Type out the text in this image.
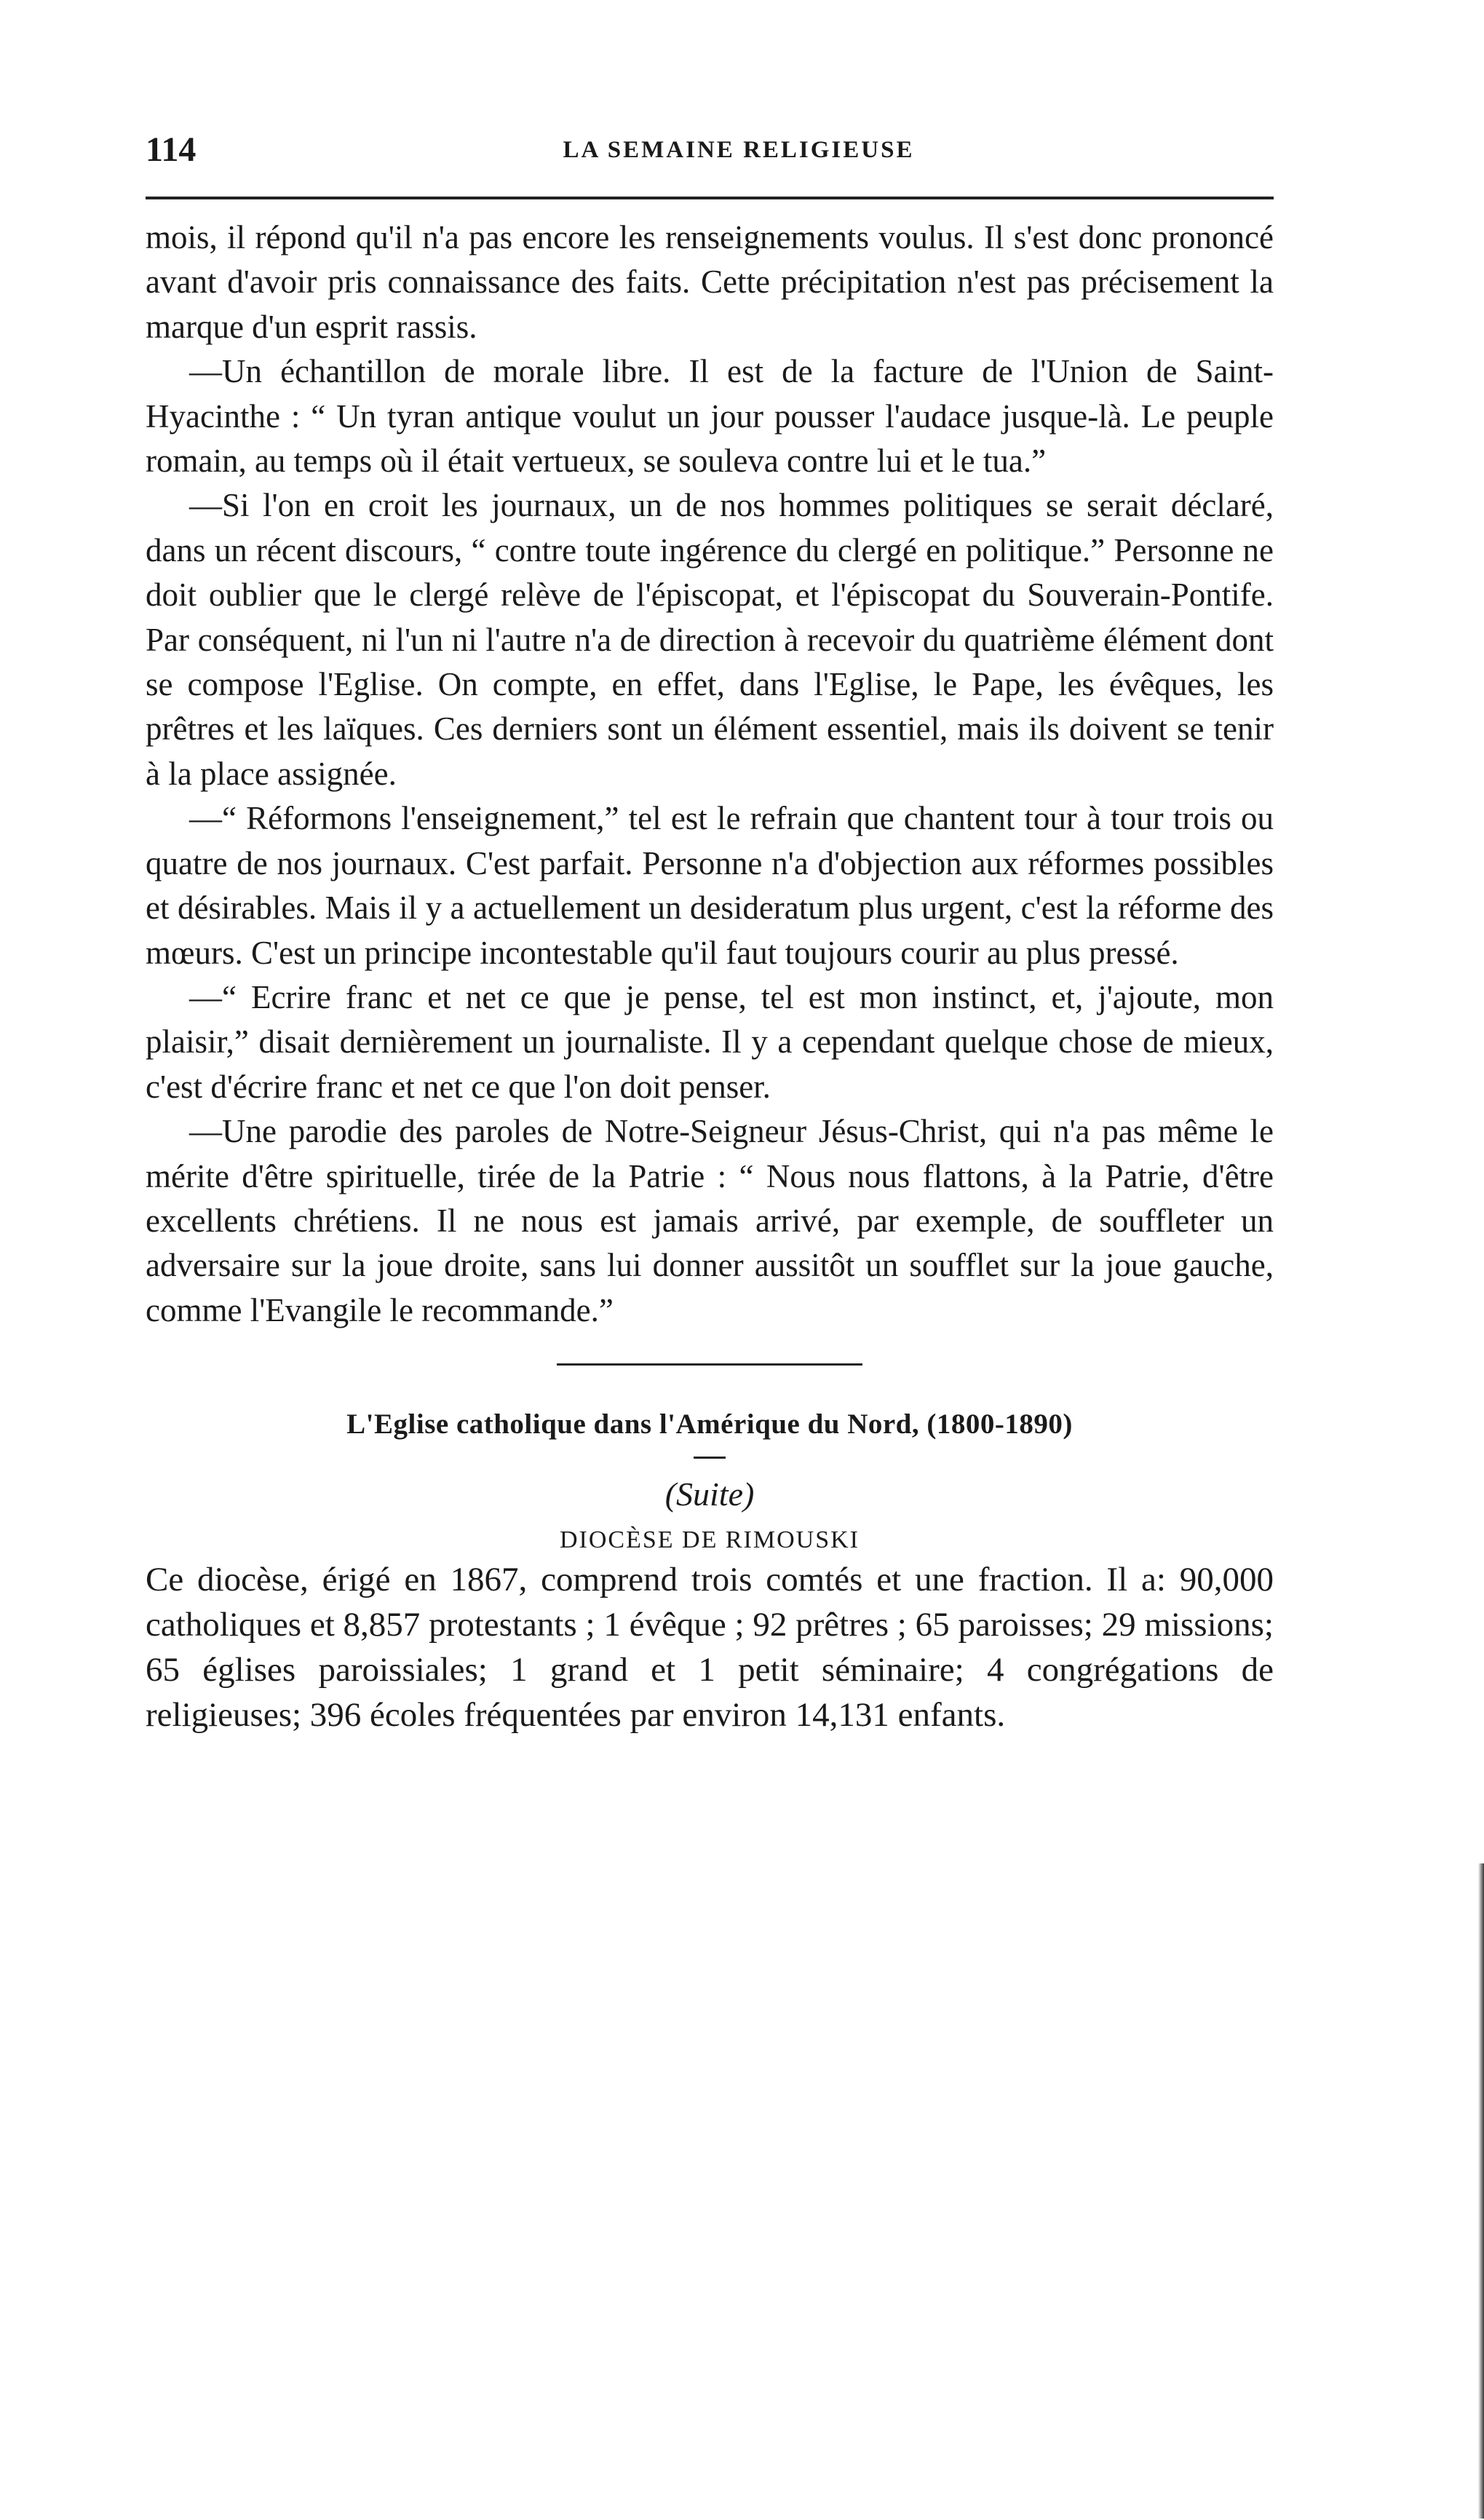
114	LA SEMAINE RELIGIEUSE

mois, il répond qu'il n'a pas encore les renseignements voulus. Il s'est donc prononcé avant d'avoir pris connaissance des faits. Cette précipitation n'est pas précisement la marque d'un esprit rassis.

—Un échantillon de morale libre. Il est de la facture de l'Union de Saint-Hyacinthe : “ Un tyran antique voulut un jour pousser l'audace jusque-là. Le peuple romain, au temps où il était vertueux, se souleva contre lui et le tua.”

—Si l'on en croit les journaux, un de nos hommes politiques se serait déclaré, dans un récent discours, “ contre toute ingérence du clergé en politique.” Personne ne doit oublier que le clergé relève de l'épiscopat, et l'épiscopat du Souverain-Pontife. Par conséquent, ni l'un ni l'autre n'a de direction à recevoir du quatrième élément dont se compose l'Eglise. On compte, en effet, dans l'Eglise, le Pape, les évêques, les prêtres et les laïques. Ces derniers sont un élément essentiel, mais ils doivent se tenir à la place assignée.

—“ Réformons l'enseignement,” tel est le refrain que chantent tour à tour trois ou quatre de nos journaux. C'est parfait. Personne n'a d'objection aux réformes possibles et désirables. Mais il y a actuellement un desideratum plus urgent, c'est la réforme des mœurs. C'est un principe incontestable qu'il faut toujours courir au plus pressé.

—“ Ecrire franc et net ce que je pense, tel est mon instinct, et, j'ajoute, mon plaisir,” disait dernièrement un journaliste. Il y a cependant quelque chose de mieux, c'est d'écrire franc et net ce que l'on doit penser.

—Une parodie des paroles de Notre-Seigneur Jésus-Christ, qui n'a pas même le mérite d'être spirituelle, tirée de la Patrie : “ Nous nous flattons, à la Patrie, d'être excellents chrétiens. Il ne nous est jamais arrivé, par exemple, de souffleter un adversaire sur la joue droite, sans lui donner aussitôt un soufflet sur la joue gauche, comme l'Evangile le recommande.”

L'Eglise catholique dans l'Amérique du Nord, (1800-1890)
(Suite)
DIOCÈSE DE RIMOUSKI

Ce diocèse, érigé en 1867, comprend trois comtés et une fraction. Il a: 90,000 catholiques et 8,857 protestants ; 1 évêque ; 92 prêtres ; 65 paroisses; 29 missions; 65 églises paroissiales; 1 grand et 1 petit séminaire; 4 congrégations de religieuses; 396 écoles fréquentées par environ 14,131 enfants.
